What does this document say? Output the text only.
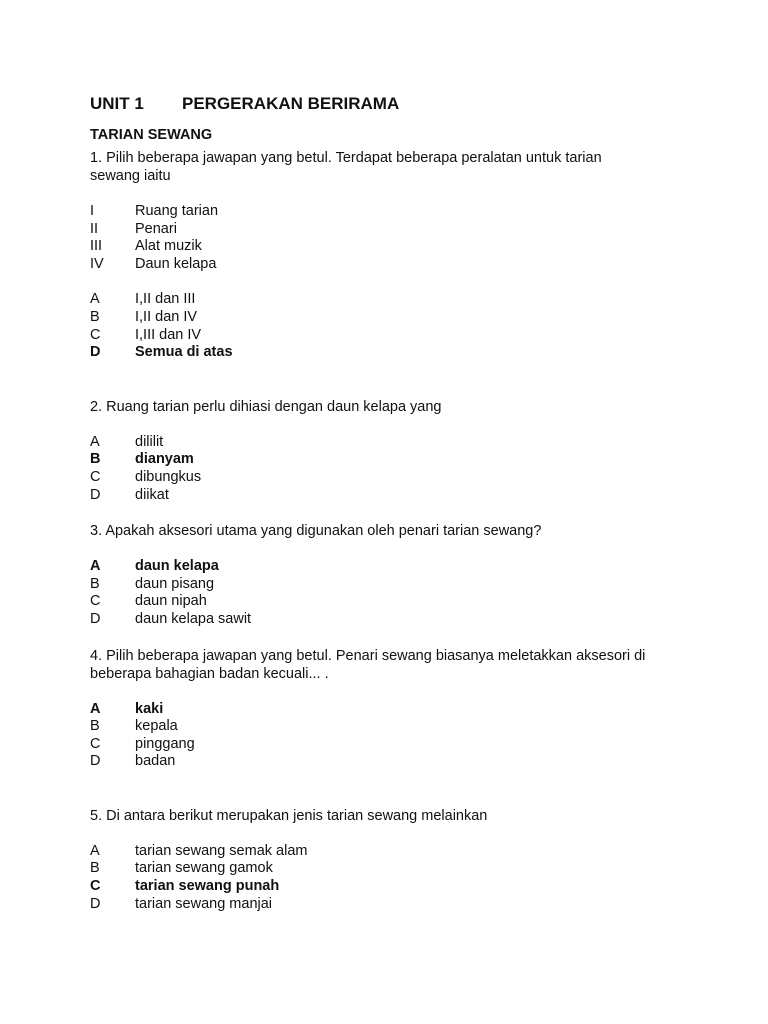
UNIT 1 PERGERAKAN BERIRAMA
TARIAN SEWANG

1. Pilih beberapa jawapan yang betul. Terdapat beberapa peralatan untuk tarian sewang iaitu

I	Ruang tarian
II	Penari
III Alat muzik
IV Daun kelapa
A I,II dan III
B I,II dan IV
C I,III dan IV
D Semua di atas

2. Ruang tarian perlu dihiasi dengan daun kelapa yang

A dililit
B dianyam
C dibungkus
D diikat

3. Apakah aksesori utama yang digunakan oleh penari tarian sewang?

A daun kelapa
B daun pisang
C daun nipah
D daun kelapa sawit

4. Pilih beberapa jawapan yang betul. Penari sewang biasanya meletakkan aksesori di beberapa bahagian badan kecuali... .

A kaki
B kepala
C pinggang
D badan

5. Di antara berikut merupakan jenis tarian sewang melainkan

A tarian sewang semak alam
B tarian sewang gamok
C tarian sewang punah
D tarian sewang manjai
